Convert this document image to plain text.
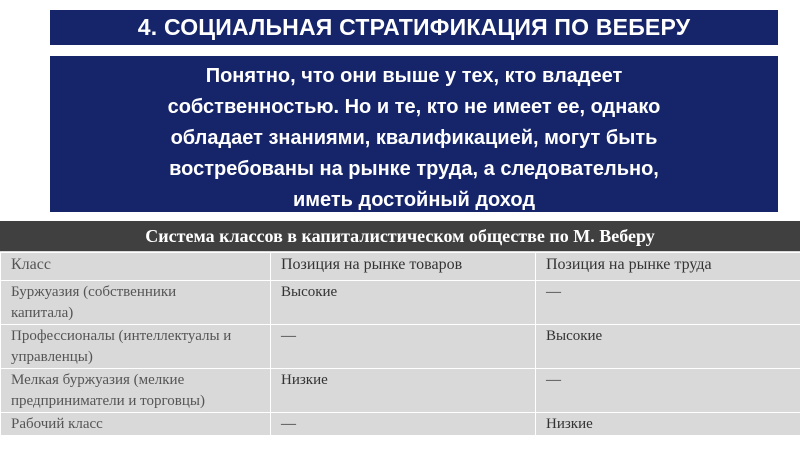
4. СОЦИАЛЬНАЯ СТРАТИФИКАЦИЯ ПО ВЕБЕРУ
Понятно, что они выше у тех, кто владеет
собственностью. Но и те, кто не имеет ее, однако
обладает знаниями, квалификацией, могут быть
востребованы на рынке труда, а следовательно,
иметь достойный доход
Система классов в капиталистическом обществе по М. Веберу
Класс	Позиция на рынке товаров	Позиция на рынке труда

Буржуазия (собственники
капитала)	Высокие	—

Профессионалы (интеллектуалы и
управленцы)	—	Высокие

Мелкая буржуазия (мелкие
предприниматели и торговцы)	Низкие	—

Рабочий класс	—	Низкие
